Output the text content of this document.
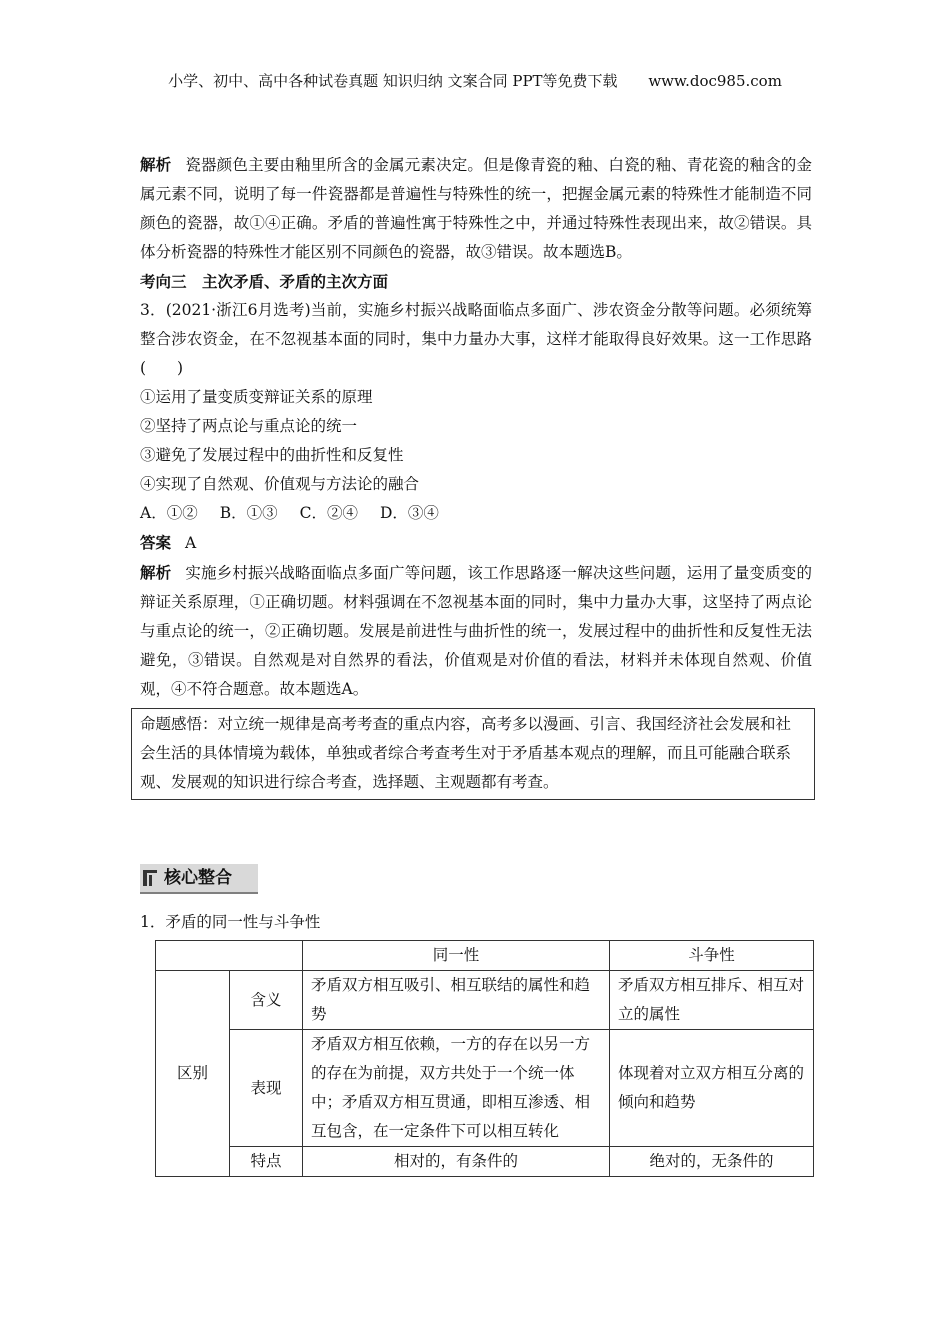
小学、初中、高中各种试卷真题 知识归纳 文案合同 PPT等免费下载 www.doc985.com

解析 瓷器颜色主要由釉里所含的金属元素决定。但是像青瓷的釉、白瓷的釉、青花瓷的釉含的金属元素不同，说明了每一件瓷器都是普遍性与特殊性的统一，把握金属元素的特殊性才能制造不同颜色的瓷器，故①④正确。矛盾的普遍性寓于特殊性之中，并通过特殊性表现出来，故②错误。具体分析瓷器的特殊性才能区别不同颜色的瓷器，故③错误。故本题选B。

考向三　主次矛盾、矛盾的主次方面

3．(2021·浙江6月选考)当前，实施乡村振兴战略面临点多面广、涉农资金分散等问题。必须统筹整合涉农资金，在不忽视基本面的同时，集中力量办大事，这样才能取得良好效果。这一工作思路(　　)

①运用了量变质变辩证关系的原理

②坚持了两点论与重点论的统一

③避免了发展过程中的曲折性和反复性

④实现了自然观、价值观与方法论的融合

A．①② B．①③ C．②④ D．③④

答案 A

解析 实施乡村振兴战略面临点多面广等问题，该工作思路逐一解决这些问题，运用了量变质变的辩证关系原理，①正确切题。材料强调在不忽视基本面的同时，集中力量办大事，这坚持了两点论与重点论的统一，②正确切题。发展是前进性与曲折性的统一，发展过程中的曲折性和反复性无法避免，③错误。自然观是对自然界的看法，价值观是对价值的看法，材料并未体现自然观、价值观，④不符合题意。故本题选A。

命题感悟：对立统一规律是高考考查的重点内容，高考多以漫画、引言、我国经济社会发展和社会生活的具体情境为载体，单独或者综合考查考生对于矛盾基本观点的理解，而且可能融合联系观、发展观的知识进行综合考查，选择题、主观题都有考查。
核心整合
1．矛盾的同一性与斗争性
		同一性	斗争性
区别	含义	矛盾双方相互吸引、相互联结的属性和趋势	矛盾双方相互排斥、相互对立的属性
	表现	矛盾双方相互依赖，一方的存在以另一方的存在为前提，双方共处于一个统一体中；矛盾双方相互贯通，即相互渗透、相互包含，在一定条件下可以相互转化	体现着对立双方相互分离的倾向和趋势
	特点	相对的，有条件的	绝对的，无条件的
